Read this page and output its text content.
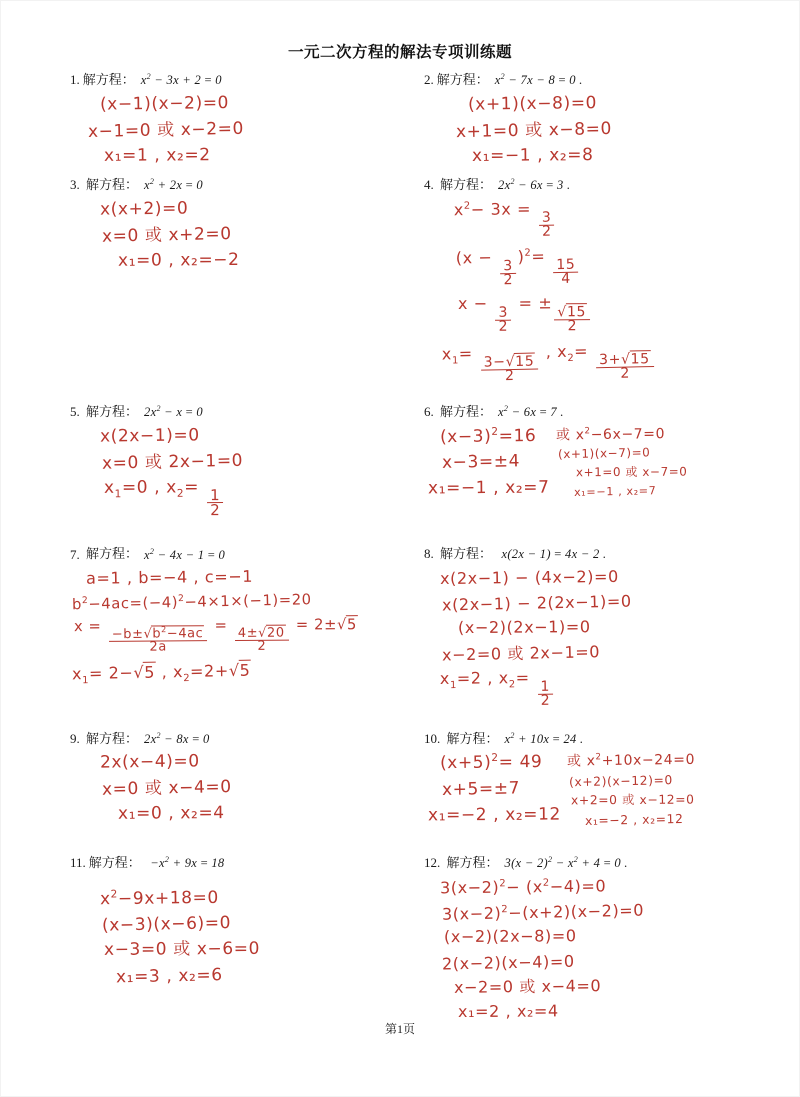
一元二次方程的解法专项训练题
1. 解方程： $x^2 - 3x + 2 = 0$
(x−1)(x−2)=0
x−1=0 或 x−2=0
x₁=1 , x₂=2
2. 解方程： $x^2 - 7x - 8 = 0$ .
(x+1)(x−8)=0
x+1=0 或 x−8=0
x₁=−1 , x₂=8
3. 解方程： $x^2 + 2x = 0$
x(x+2)=0
x=0 或 x+2=0
x₁=0 , x₂=−2
4. 解方程： $2x^2 - 6x = 3$ .
$x^2- 3x$ =
$\frac{3}{2}$
(x −
$\frac{3}{2}$
)$^2$=
$\frac{15}{4}$
x −
$\frac{3}{2}$
= ±
$\frac{√15}{2}$
$x_1=$
$\frac{3-√15}{2}$
, $x_2=$
$\frac{3+√15}{2}$
5. 解方程： $2x^2 - x = 0$
x(2x−1)=0
x=0 或 2x−1=0
$x_1=0$ , $x_2=$
$\frac{1}{2}$
6. 解方程： $x^2 - 6x = 7$ .
$(x-3)^2=16$
x−3=±4
x₁=−1 , x₂=7
或 $x^2-6x-7=0$
(x+1)(x−7)=0
x+1=0 或 x−7=0
x₁=−1 , x₂=7
7. 解方程： $x^2 - 4x - 1 = 0$
a=1 , b=−4 , c=−1
$b^2-4ac=(-4)^2-4\times 1\times(-1)=20$
$x = \frac{-b\pm√b^2-4ac}{2a}$
=
$\frac{4\pm√20}{2}$
= 2±√5
$x_1= 2-√5$ , $x_2=2+√5$
8. 解方程： x(2x − 1) = 4x − 2 .
x(2x−1) − (4x−2)=0
x(2x−1) − 2(2x−1)=0
(x−2)(2x−1)=0
x−2=0 或 2x−1=0
$x_1=2$ , $x_2=$
$\frac{1}{2}$
9. 解方程： $2x^2 - 8x = 0$
2x(x−4)=0
x=0 或 x−4=0
x₁=0 , x₂=4
10. 解方程： $x^2 + 10x = 24$ .
$(x+5)^2= 49$
x+5=±7
x₁=−2 , x₂=12
或 $x^2+10x-24=0$
(x+2)(x−12)=0
x+2=0 或 x−12=0
x₁=−2 , x₂=12
11. 解方程： $-x^2 + 9x = 18$
$x^2-9x+18=0$
(x−3)(x−6)=0
x−3=0 或 x−6=0
x₁=3 , x₂=6
12. 解方程： $3(x - 2)^2 - x^2 + 4 = 0$ .
$3(x-2)^2- (x^2-4)=0$
$3(x-2)^2-(x+2)(x-2)=0$
(x−2)(2x−8)=0
2(x−2)(x−4)=0
x−2=0 或 x−4=0
x₁=2 , x₂=4
第1页
